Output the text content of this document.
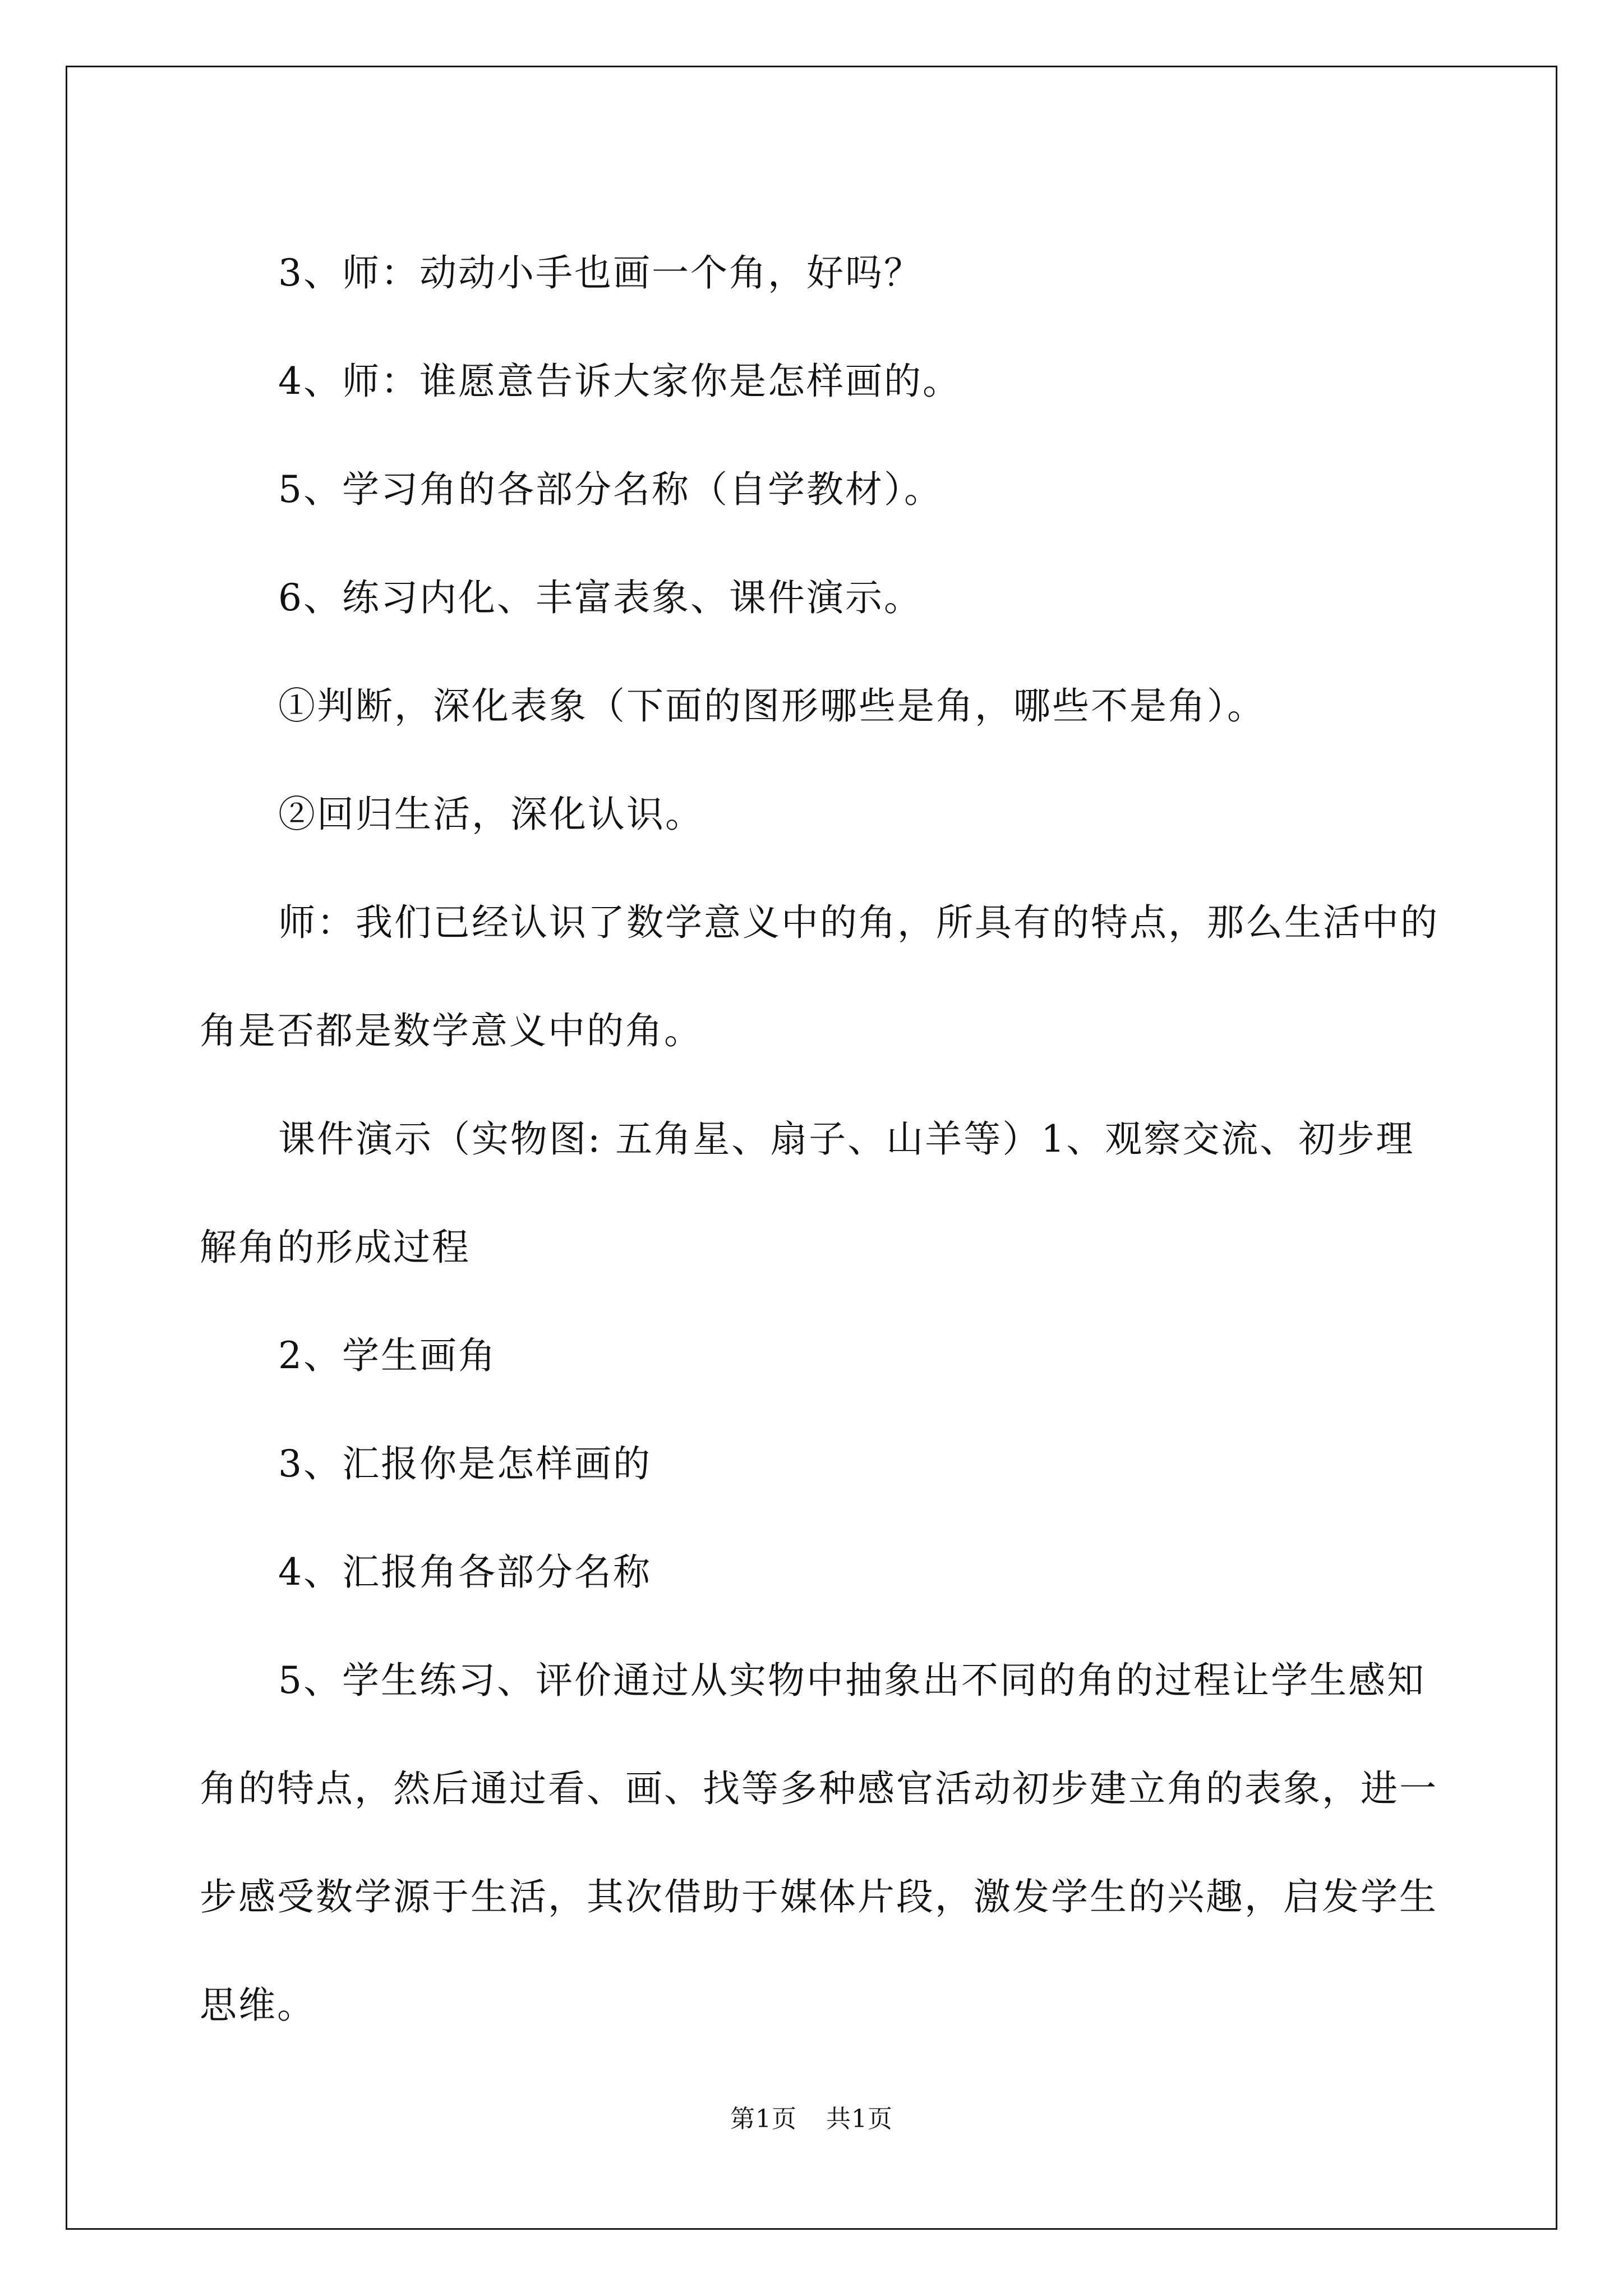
3、师：动动小手也画一个角，好吗？

4、师：谁愿意告诉大家你是怎样画的。

5、学习角的各部分名称（自学教材）。

6、练习内化、丰富表象、课件演示。

①判断，深化表象（下面的图形哪些是角，哪些不是角）。

②回归生活，深化认识。

师：我们已经认识了数学意义中的角，所具有的特点，那么生活中的角是否都是数学意义中的角。

课件演示（实物图: 五角星、扇子、山羊等）1、观察交流、初步理解角的形成过程

2、学生画角

3、汇报你是怎样画的

4、汇报角各部分名称

5、学生练习、评价通过从实物中抽象出不同的角的过程让学生感知角的特点，然后通过看、画、找等多种感官活动初步建立角的表象，进一步感受数学源于生活，其次借助于媒体片段，激发学生的兴趣，启发学生思维。

第1页 共1页
